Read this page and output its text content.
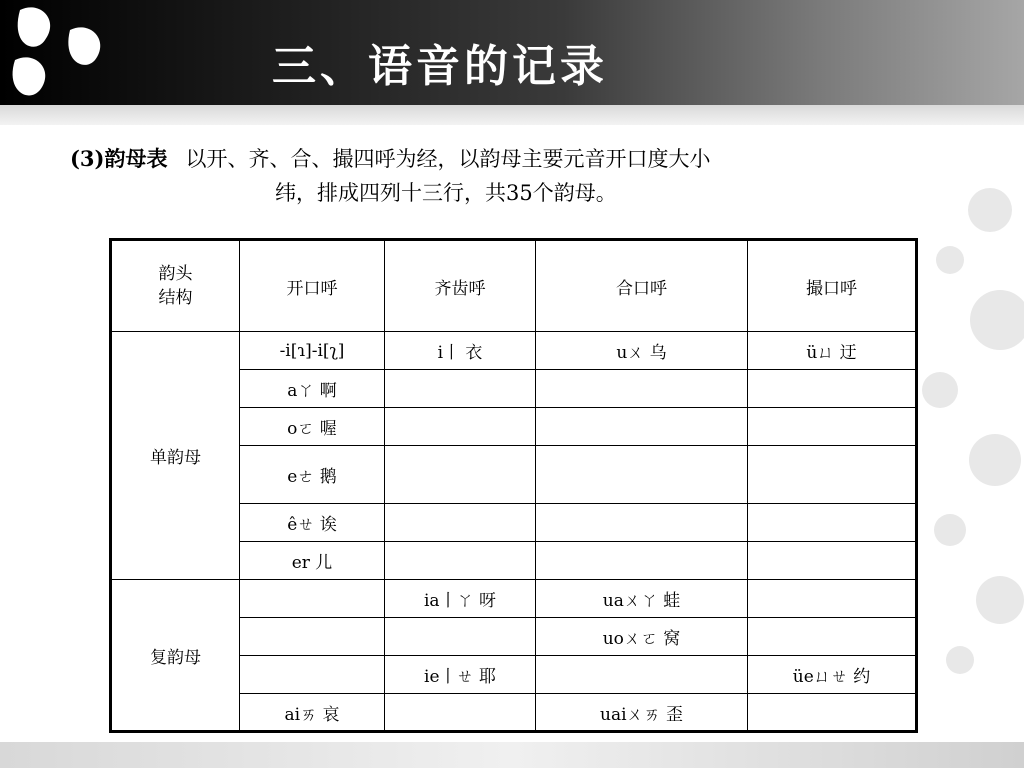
三、语音的记录
(3)韵母表 以开、齐、合、撮四呼为经，以韵母主要元音开口度大小
纬，排成四列十三行，共35个韵母。
韵头
结构	开口呼	齐齿呼	合口呼	撮口呼
单韵母	-i[ɿ]-i[ʅ]	i丨 衣	uㄨ 乌	üㄩ 迂
	aㄚ 啊			
	oㄛ 喔			
	eㄜ 鹅			
	êㄝ 诶			
	er 儿			
复韵母		ia丨ㄚ 呀	uaㄨㄚ 蛙	
			uoㄨㄛ 窝	
		ie丨ㄝ 耶		üeㄩㄝ 约
	aiㄞ 哀		uaiㄨㄞ 歪	
